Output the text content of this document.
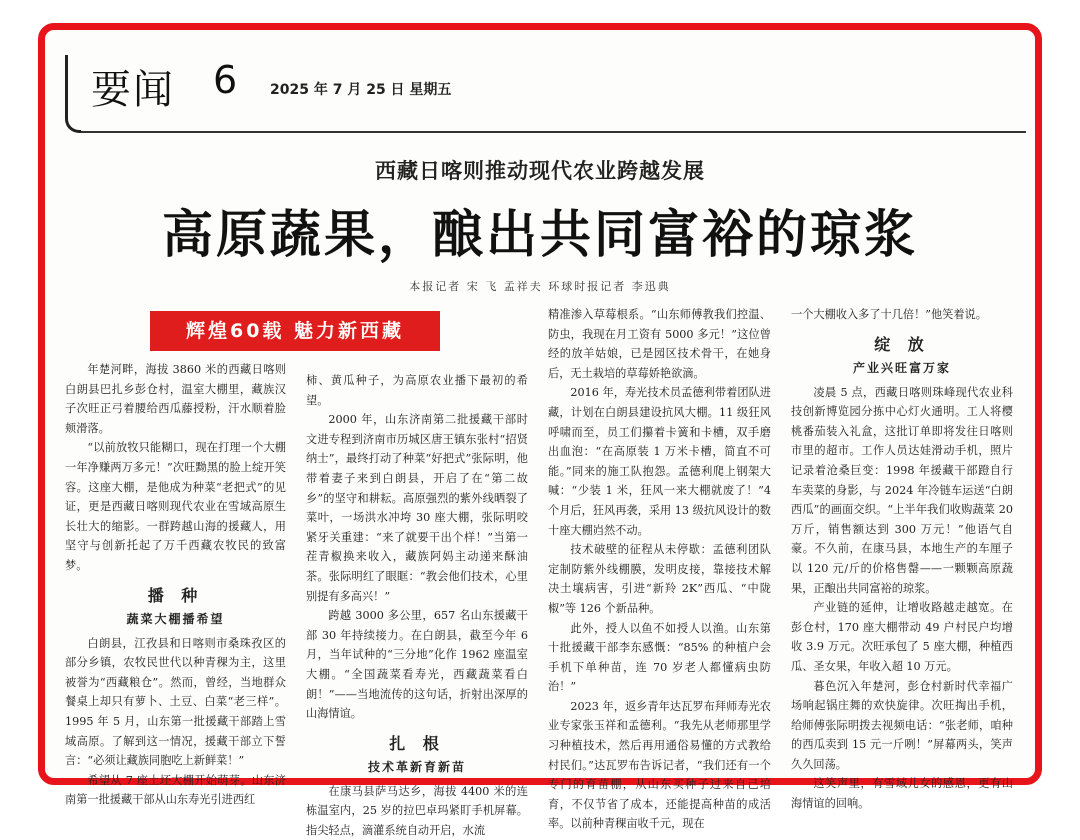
要闻 6 2025 年 7 月 25 日 星期五
西藏日喀则推动现代农业跨越发展
高原蔬果，酿出共同富裕的琼浆
本报记者 宋 飞 孟祥夫 环球时报记者 李迅典
辉煌60载 魅力新西藏

年楚河畔，海拔 3860 米的西藏日喀则白朗县巴扎乡彭仓村，温室大棚里，藏族汉子次旺正弓着腰给西瓜藤授粉，汗水顺着脸颊滑落。

“以前放牧只能糊口，现在打理一个大棚一年净赚两万多元！”次旺黝黑的脸上绽开笑容。这座大棚，是他成为种菜“老把式”的见证，更是西藏日喀则现代农业在雪域高原生长壮大的缩影。一群跨越山海的援藏人，用坚守与创新托起了万千西藏农牧民的致富梦。

播 种
蔬菜大棚播希望

白朗县，江孜县和日喀则市桑珠孜区的部分乡镇，农牧民世代以种青稞为主，这里被誉为“西藏粮仓”。然而，曾经，当地群众餐桌上却只有萝卜、土豆、白菜“老三样”。1995 年 5 月，山东第一批援藏干部踏上雪域高原。了解到这一情况，援藏干部立下誓言：“必须让藏族同胞吃上新鲜菜！”

希望从 7 座土坯大棚开始萌芽。山东济南第一批援藏干部从山东寿光引进西红

柿、黄瓜种子，为高原农业播下最初的希望。

2000 年，山东济南第二批援藏干部时文进专程到济南市历城区唐王镇东张村“招贤纳士”，最终打动了种菜“好把式”张际明，他带着妻子来到白朗县，开启了在“第二故乡”的坚守和耕耘。高原强烈的紫外线晒裂了菜叶，一场洪水冲垮 30 座大棚，张际明咬紧牙关重建：“来了就要干出个样！”当第一茬青椒换来收入，藏族阿妈主动递来酥油茶。张际明红了眼眶：“教会他们技术，心里别提有多高兴！”

跨越 3000 多公里，657 名山东援藏干部 30 年持续接力。在白朗县，截至今年 6 月，当年试种的“三分地”化作 1962 座温室大棚。“全国蔬菜看寿光，西藏蔬菜看白朗！”——当地流传的这句话，折射出深厚的山海情谊。

扎 根
技术革新育新苗

在康马县萨马达乡，海拔 4400 米的连栋温室内，25 岁的拉巴卓玛紧盯手机屏幕。指尖轻点，滴灌系统自动开启，水流

精准渗入草莓根系。“山东师傅教我们控温、防虫，我现在月工资有 5000 多元！”这位曾经的放羊姑娘，已是园区技术骨干，在她身后，无土栽培的草莓娇艳欲滴。

2016 年，寿光技术员孟德利带着团队进藏，计划在白朗县建设抗风大棚。11 级狂风呼啸而至，员工们攥着卡簧和卡槽，双手磨出血泡：“在高原装 1 万米卡槽，简直不可能。”同来的施工队抱怨。孟德利爬上钢架大喊：“少装 1 米，狂风一来大棚就废了！”4 个月后，狂风再袭，采用 13 级抗风设计的数十座大棚岿然不动。

技术破壁的征程从未停歇：孟德利团队定制防紫外线棚膜，发明皮接，靠接技术解决土壤病害，引进“新羚 2K”西瓜、“中陇椒”等 126 个新品种。

此外，授人以鱼不如授人以渔。山东第十批援藏干部李东感慨：“85% 的种植户会手机下单种苗，连 70 岁老人都懂病虫防治！”

2023 年，返乡青年达瓦罗布拜师寿光农业专家张玉祥和孟德利。“我先从老师那里学习种植技术，然后再用通俗易懂的方式教给村民们。”达瓦罗布告诉记者，“我们还有一个专门的育苗棚，从山东买种子过来自己培育，不仅节省了成本，还能提高种苗的成活率。以前种青稞亩收千元，现在

一个大棚收入多了十几倍！”他笑着说。

绽 放
产业兴旺富万家

凌晨 5 点，西藏日喀则珠峰现代农业科技创新博览园分拣中心灯火通明。工人将樱桃番茄装入礼盒，这批订单即将发往日喀则市里的超市。工作人员达娃滑动手机，照片记录着沧桑巨变：1998 年援藏干部蹬自行车卖菜的身影，与 2024 年冷链车运送“白朗西瓜”的画面交织。“上半年我们收购蔬菜 20 万斤，销售额达到 300 万元！”他语气自豪。不久前，在康马县，本地生产的车厘子以 120 元/斤的价格售罄——一颗颗高原蔬果，正酿出共同富裕的琼浆。

产业链的延伸，让增收路越走越宽。在彭仓村，170 座大棚带动 49 户村民户均增收 3.9 万元。次旺承包了 5 座大棚，种植西瓜、圣女果，年收入超 10 万元。

暮色沉入年楚河，彭仓村新时代幸福广场响起锅庄舞的欢快旋律。次旺掏出手机，给师傅张际明拨去视频电话：“张老师，咱种的西瓜卖到 15 元一斤咧！”屏幕两头，笑声久久回荡。

这笑声里，有雪域儿女的感恩，更有山海情谊的回响。
